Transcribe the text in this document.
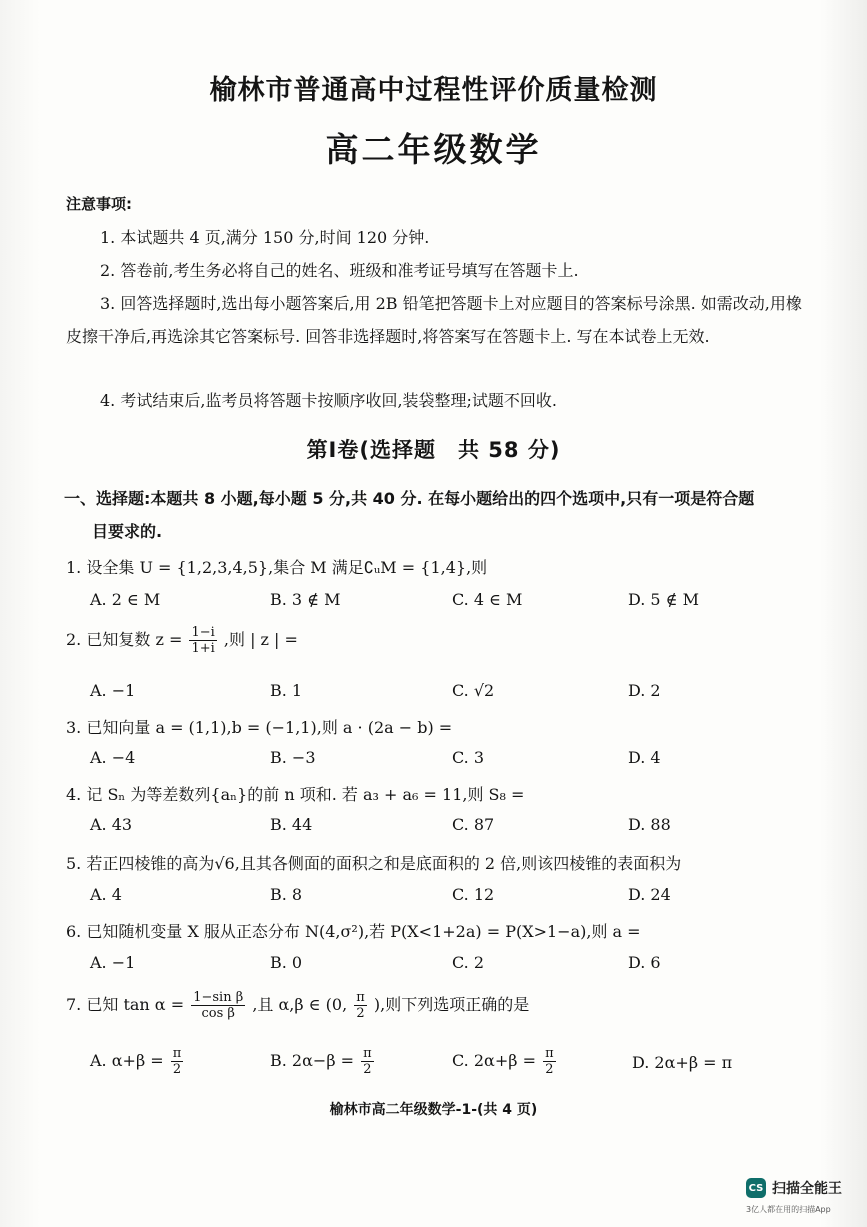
榆林市普通高中过程性评价质量检测
高二年级数学
注意事项:
1. 本试题共 4 页,满分 150 分,时间 120 分钟.
2. 答卷前,考生务必将自己的姓名、班级和准考证号填写在答题卡上.
3. 回答选择题时,选出每小题答案后,用 2B 铅笔把答题卡上对应题目的答案标号涂黑. 如需改动,用橡皮擦干净后,再选涂其它答案标号. 回答非选择题时,将答案写在答题卡上. 写在本试卷上无效.
4. 考试结束后,监考员将答题卡按顺序收回,装袋整理;试题不回收.
第Ⅰ卷(选择题　共 58 分)
一、选择题:本题共 8 小题,每小题 5 分,共 40 分. 在每小题给出的四个选项中,只有一项是符合题
目要求的.
1. 设全集 U = {1,2,3,4,5},集合 M 满足∁ᵤM = {1,4},则
A. 2 ∈ M	B. 3 ∉ M	C. 4 ∈ M	D. 5 ∉ M
2. 已知复数 $z = \frac{1-i}{1+i}$ ,则 | z | =
A. −1	B. 1	C. √2	D. 2
3. 已知向量 a = (1,1),b = (−1,1),则 a · (2a − b) =
A. −4	B. −3	C. 3	D. 4
4. 记 Sₙ 为等差数列{aₙ}的前 n 项和. 若 a₃ + a₆ = 11,则 S₈ =
A. 43	B. 44	C. 87	D. 88
5. 若正四棱锥的高为√6,且其各侧面的面积之和是底面积的 2 倍,则该四棱锥的表面积为
A. 4	B. 8	C. 12	D. 24
6. 已知随机变量 X 服从正态分布 N(4,σ²),若 P(X<1+2a) = P(X>1−a),则 a =
A. −1	B. 0	C. 2	D. 6
7. 已知 $\tan \alpha = \frac{\text{1−sin β}}{\text{cos β}}$ ,且 α,β ∈ (0, $\frac{\pi}{2}$ ),则下列选项正确的是
A. $\alpha+\beta = \frac{\pi}{2}$	B. $2\alpha-\beta = \frac{\pi}{2}$	C. $2\alpha+\beta = \frac{\pi}{2}$	D. 2α+β = π
榆林市高二年级数学-1-(共 4 页)
CS 扫描全能王
3亿人都在用的扫描App
